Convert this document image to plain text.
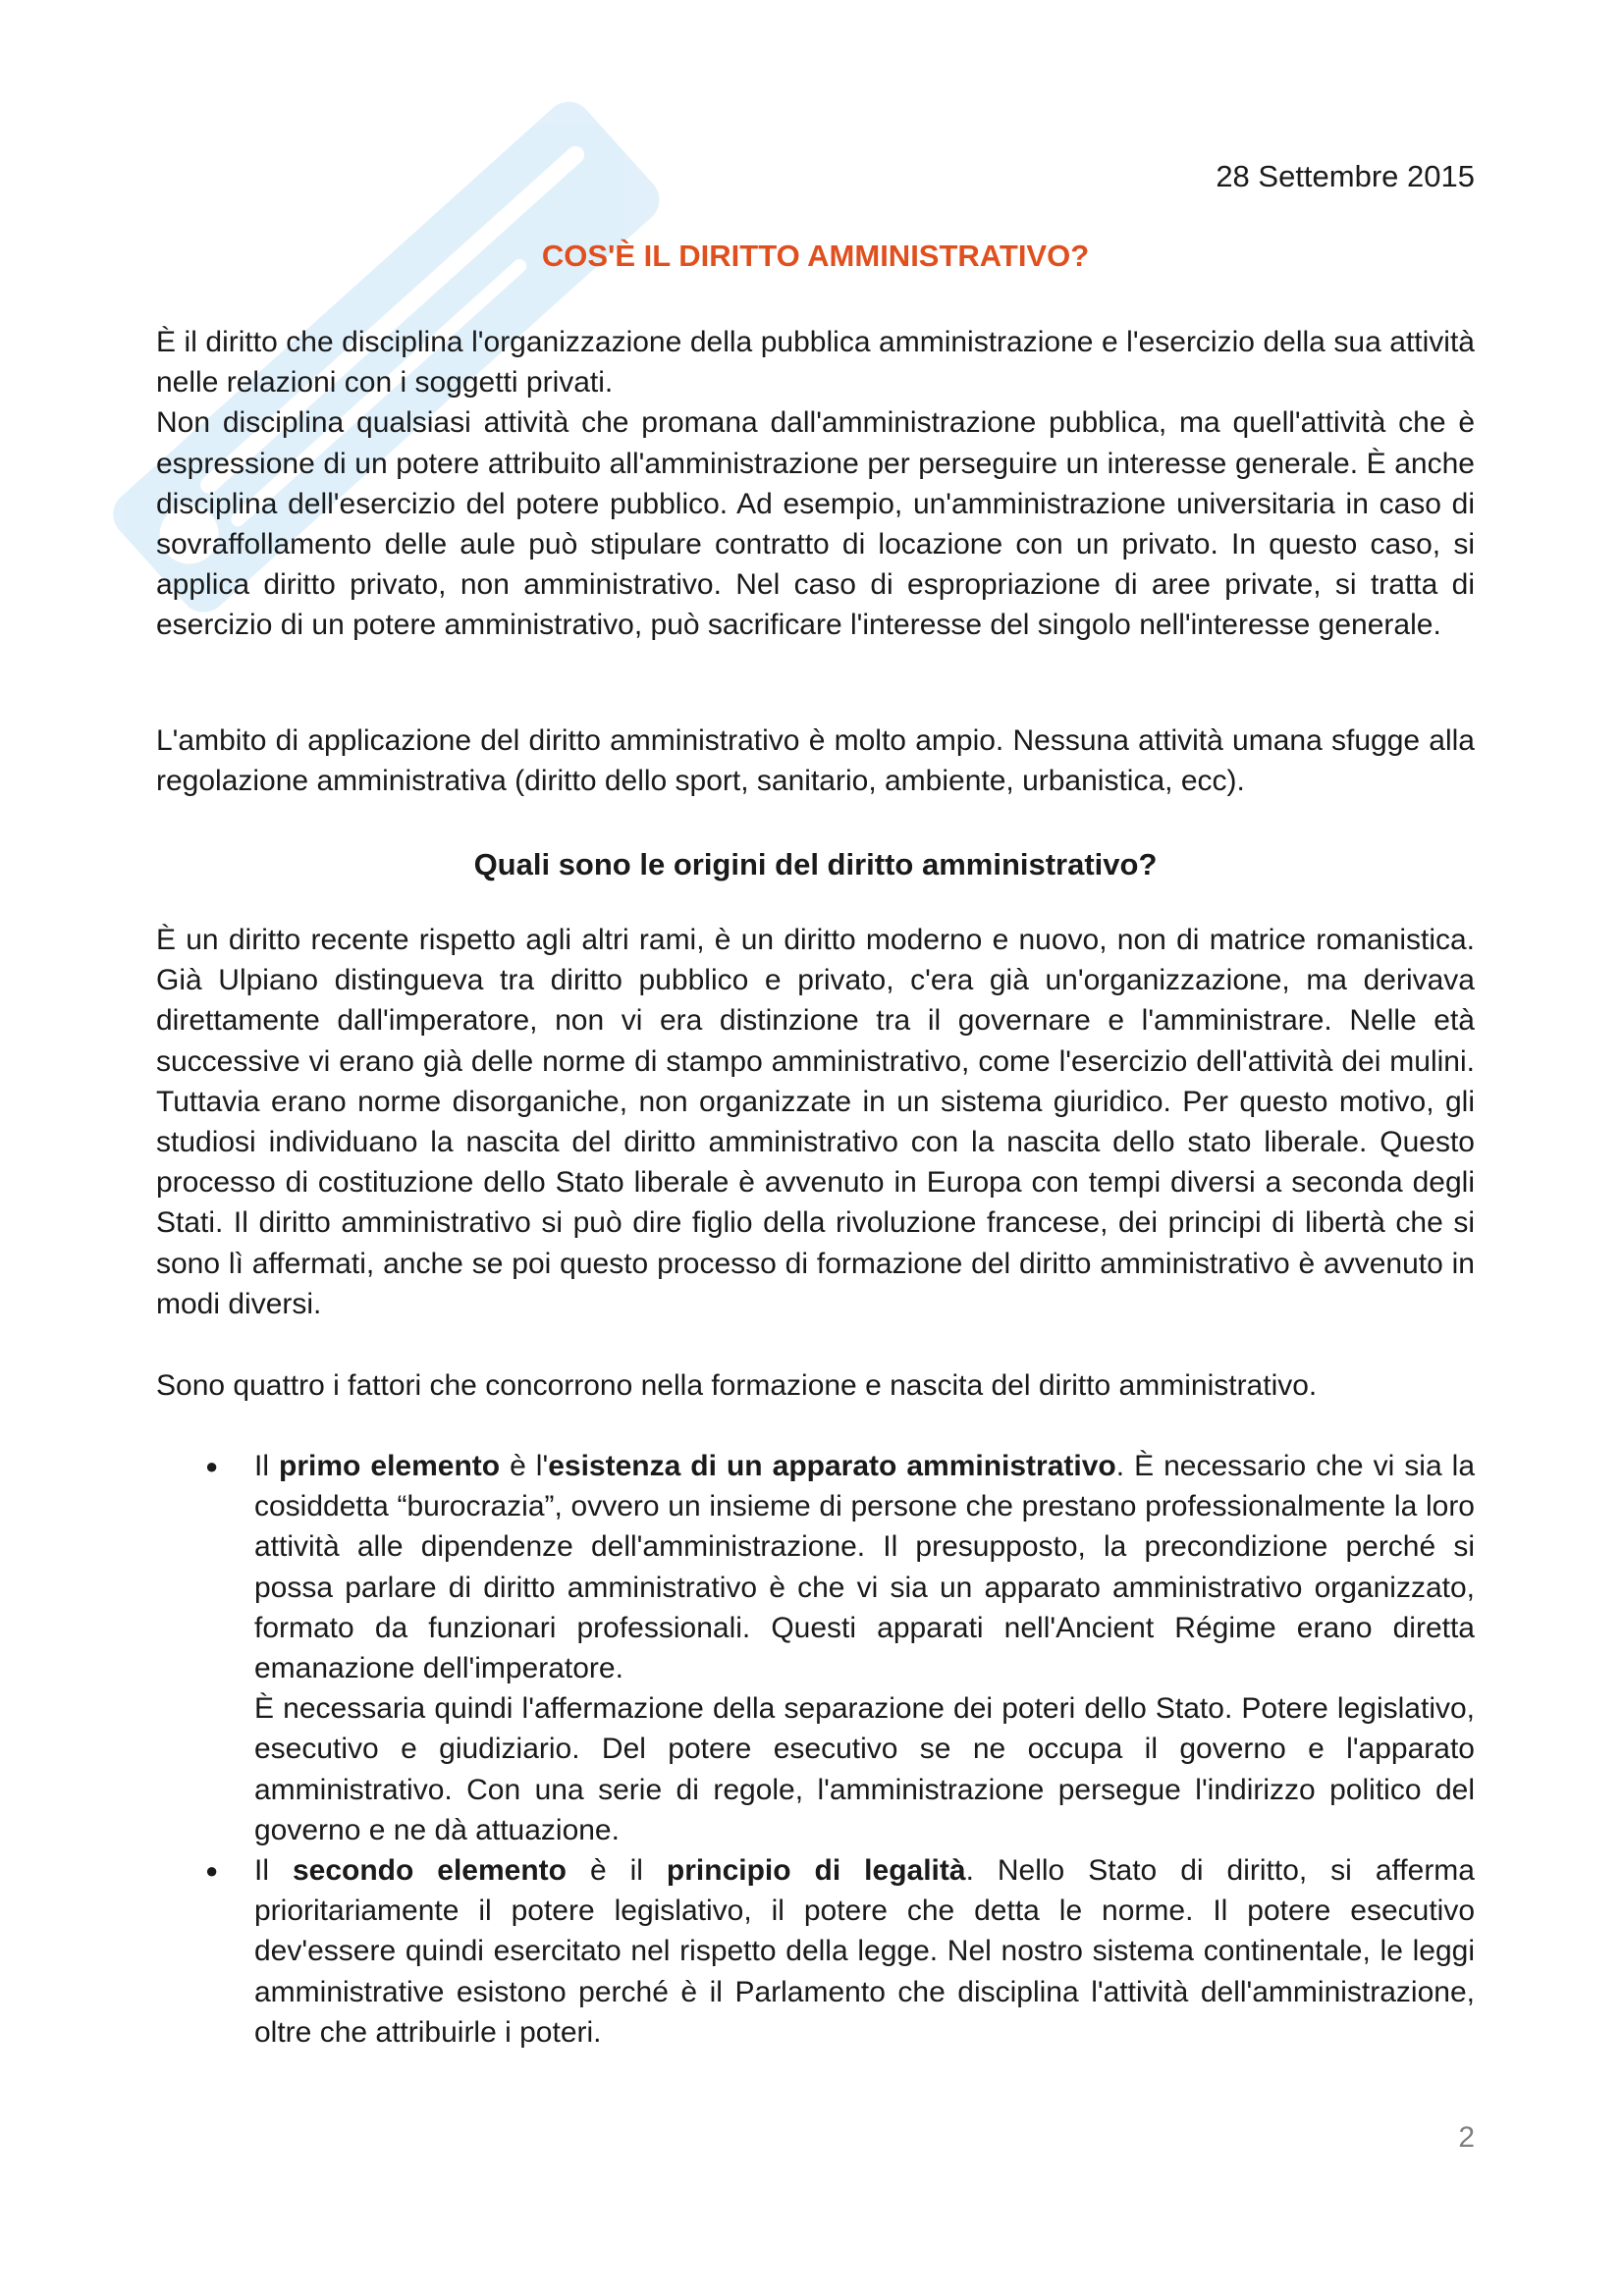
28 Settembre 2015
COS'È IL DIRITTO AMMINISTRATIVO?
È il diritto che disciplina l'organizzazione della pubblica amministrazione e l'esercizio della sua attività nelle relazioni con i soggetti privati.
Non disciplina qualsiasi attività che promana dall'amministrazione pubblica, ma quell'attività che è espressione di un potere attribuito all'amministrazione per perseguire un interesse generale. È anche disciplina dell'esercizio del potere pubblico. Ad esempio, un'amministrazione universitaria in caso di sovraffollamento delle aule può stipulare contratto di locazione con un privato. In questo caso, si applica diritto privato, non amministrativo. Nel caso di espropriazione di aree private, si tratta di esercizio di un potere amministrativo, può sacrificare l'interesse del singolo nell'interesse generale.

L'ambito di applicazione del diritto amministrativo è molto ampio. Nessuna attività umana sfugge alla regolazione amministrativa (diritto dello sport, sanitario, ambiente, urbanistica, ecc).

Quali sono le origini del diritto amministrativo?

È un diritto recente rispetto agli altri rami, è un diritto moderno e nuovo, non di matrice romanistica. Già Ulpiano distingueva tra diritto pubblico e privato, c'era già un'organizzazione, ma derivava direttamente dall'imperatore, non vi era distinzione tra il governare e l'amministrare. Nelle età successive vi erano già delle norme di stampo amministrativo, come l'esercizio dell'attività dei mulini. Tuttavia erano norme disorganiche, non organizzate in un sistema giuridico. Per questo motivo, gli studiosi individuano la nascita del diritto amministrativo con la nascita dello stato liberale. Questo processo di costituzione dello Stato liberale è avvenuto in Europa con tempi diversi a seconda degli Stati. Il diritto amministrativo si può dire figlio della rivoluzione francese, dei principi di libertà che si sono lì affermati, anche se poi questo processo di formazione del diritto amministrativo è avvenuto in modi diversi.

Sono quattro i fattori che concorrono nella formazione e nascita del diritto amministrativo.

● Il primo elemento è l'esistenza di un apparato amministrativo. È necessario che vi sia la cosiddetta “burocrazia”, ovvero un insieme di persone che prestano professionalmente la loro attività alle dipendenze dell'amministrazione. Il presupposto, la precondizione perché si possa parlare di diritto amministrativo è che vi sia un apparato amministrativo organizzato, formato da funzionari professionali. Questi apparati nell'Ancient Régime erano diretta emanazione dell'imperatore.

È necessaria quindi l'affermazione della separazione dei poteri dello Stato. Potere legislativo, esecutivo e giudiziario. Del potere esecutivo se ne occupa il governo e l'apparato amministrativo. Con una serie di regole, l'amministrazione persegue l'indirizzo politico del governo e ne dà attuazione.

● Il secondo elemento è il principio di legalità. Nello Stato di diritto, si afferma prioritariamente il potere legislativo, il potere che detta le norme. Il potere esecutivo dev'essere quindi esercitato nel rispetto della legge. Nel nostro sistema continentale, le leggi amministrative esistono perché è il Parlamento che disciplina l'attività dell'amministrazione, oltre che attribuirle i poteri.

2
